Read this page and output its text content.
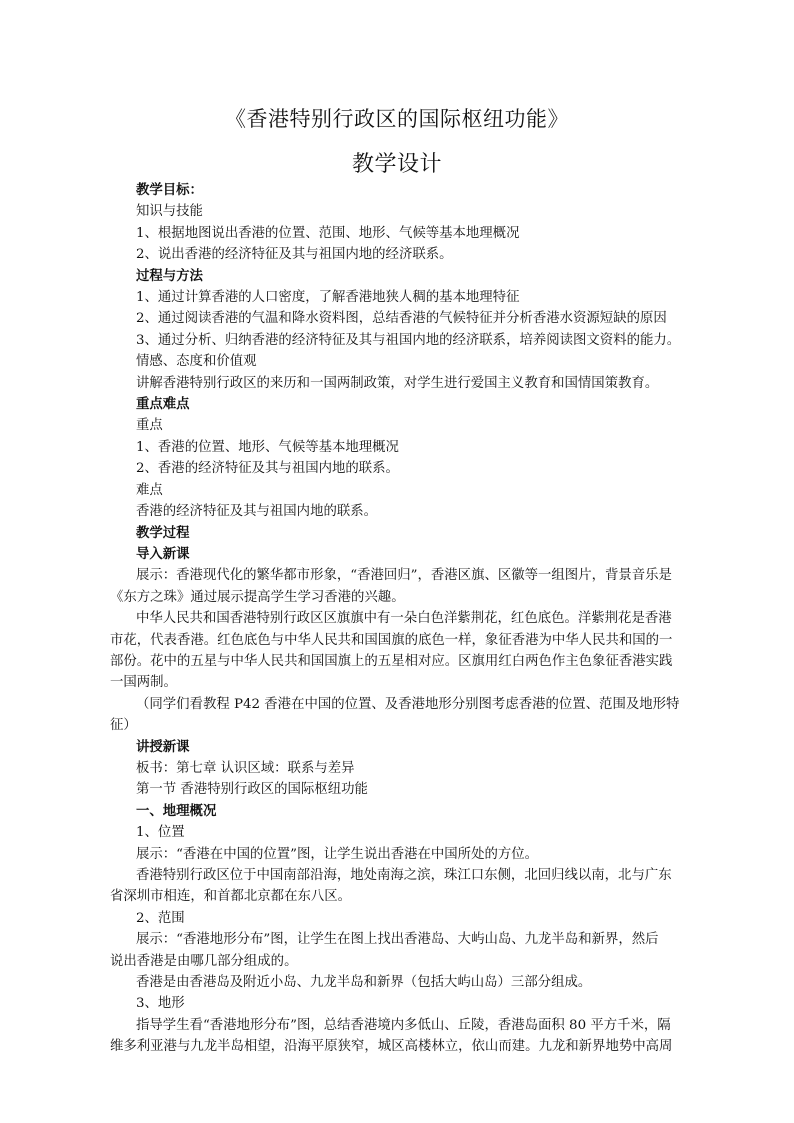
《香港特别行政区的国际枢纽功能》
教学设计

教学目标：

知识与技能

1、根据地图说出香港的位置、范围、地形、气候等基本地理概况

2、说出香港的经济特征及其与祖国内地的经济联系。

过程与方法

1、通过计算香港的人口密度，了解香港地狭人稠的基本地理特征

2、通过阅读香港的气温和降水资料图，总结香港的气候特征并分析香港水资源短缺的原因

3、通过分析、归纳香港的经济特征及其与祖国内地的经济联系，培养阅读图文资料的能力。

情感、态度和价值观

讲解香港特别行政区的来历和一国两制政策，对学生进行爱国主义教育和国情国策教育。

重点难点

重点

1、香港的位置、地形、气候等基本地理概况

2、香港的经济特征及其与祖国内地的联系。

难点

香港的经济特征及其与祖国内地的联系。

教学过程

导入新课

展示：香港现代化的繁华都市形象，“香港回归”，香港区旗、区徽等一组图片，背景音乐是

《东方之珠》通过展示提高学生学习香港的兴趣。

中华人民共和国香港特别行政区区旗旗中有一朵白色洋紫荆花，红色底色。洋紫荆花是香港

市花，代表香港。红色底色与中华人民共和国国旗的底色一样，象征香港为中华人民共和国的一

部份。花中的五星与中华人民共和国国旗上的五星相对应。区旗用红白两色作主色象征香港实践

一国两制。

（同学们看教程 P42 香港在中国的位置、及香港地形分别图考虑香港的位置、范围及地形特

征）

讲授新课

板书：第七章 认识区域：联系与差异

第一节 香港特别行政区的国际枢纽功能

一、地理概况

1、位置

展示：“香港在中国的位置”图，让学生说出香港在中国所处的方位。

香港特别行政区位于中国南部沿海，地处南海之滨，珠江口东侧，北回归线以南，北与广东

省深圳市相连，和首都北京都在东八区。

2、范围

展示：“香港地形分布”图，让学生在图上找出香港岛、大屿山岛、九龙半岛和新界，然后

说出香港是由哪几部分组成的。

香港是由香港岛及附近小岛、九龙半岛和新界（包括大屿山岛）三部分组成。

3、地形

指导学生看“香港地形分布”图，总结香港境内多低山、丘陵，香港岛面积 80 平方千米，隔

维多利亚港与九龙半岛相望，沿海平原狭窄，城区高楼林立，依山而建。九龙和新界地势中高周
